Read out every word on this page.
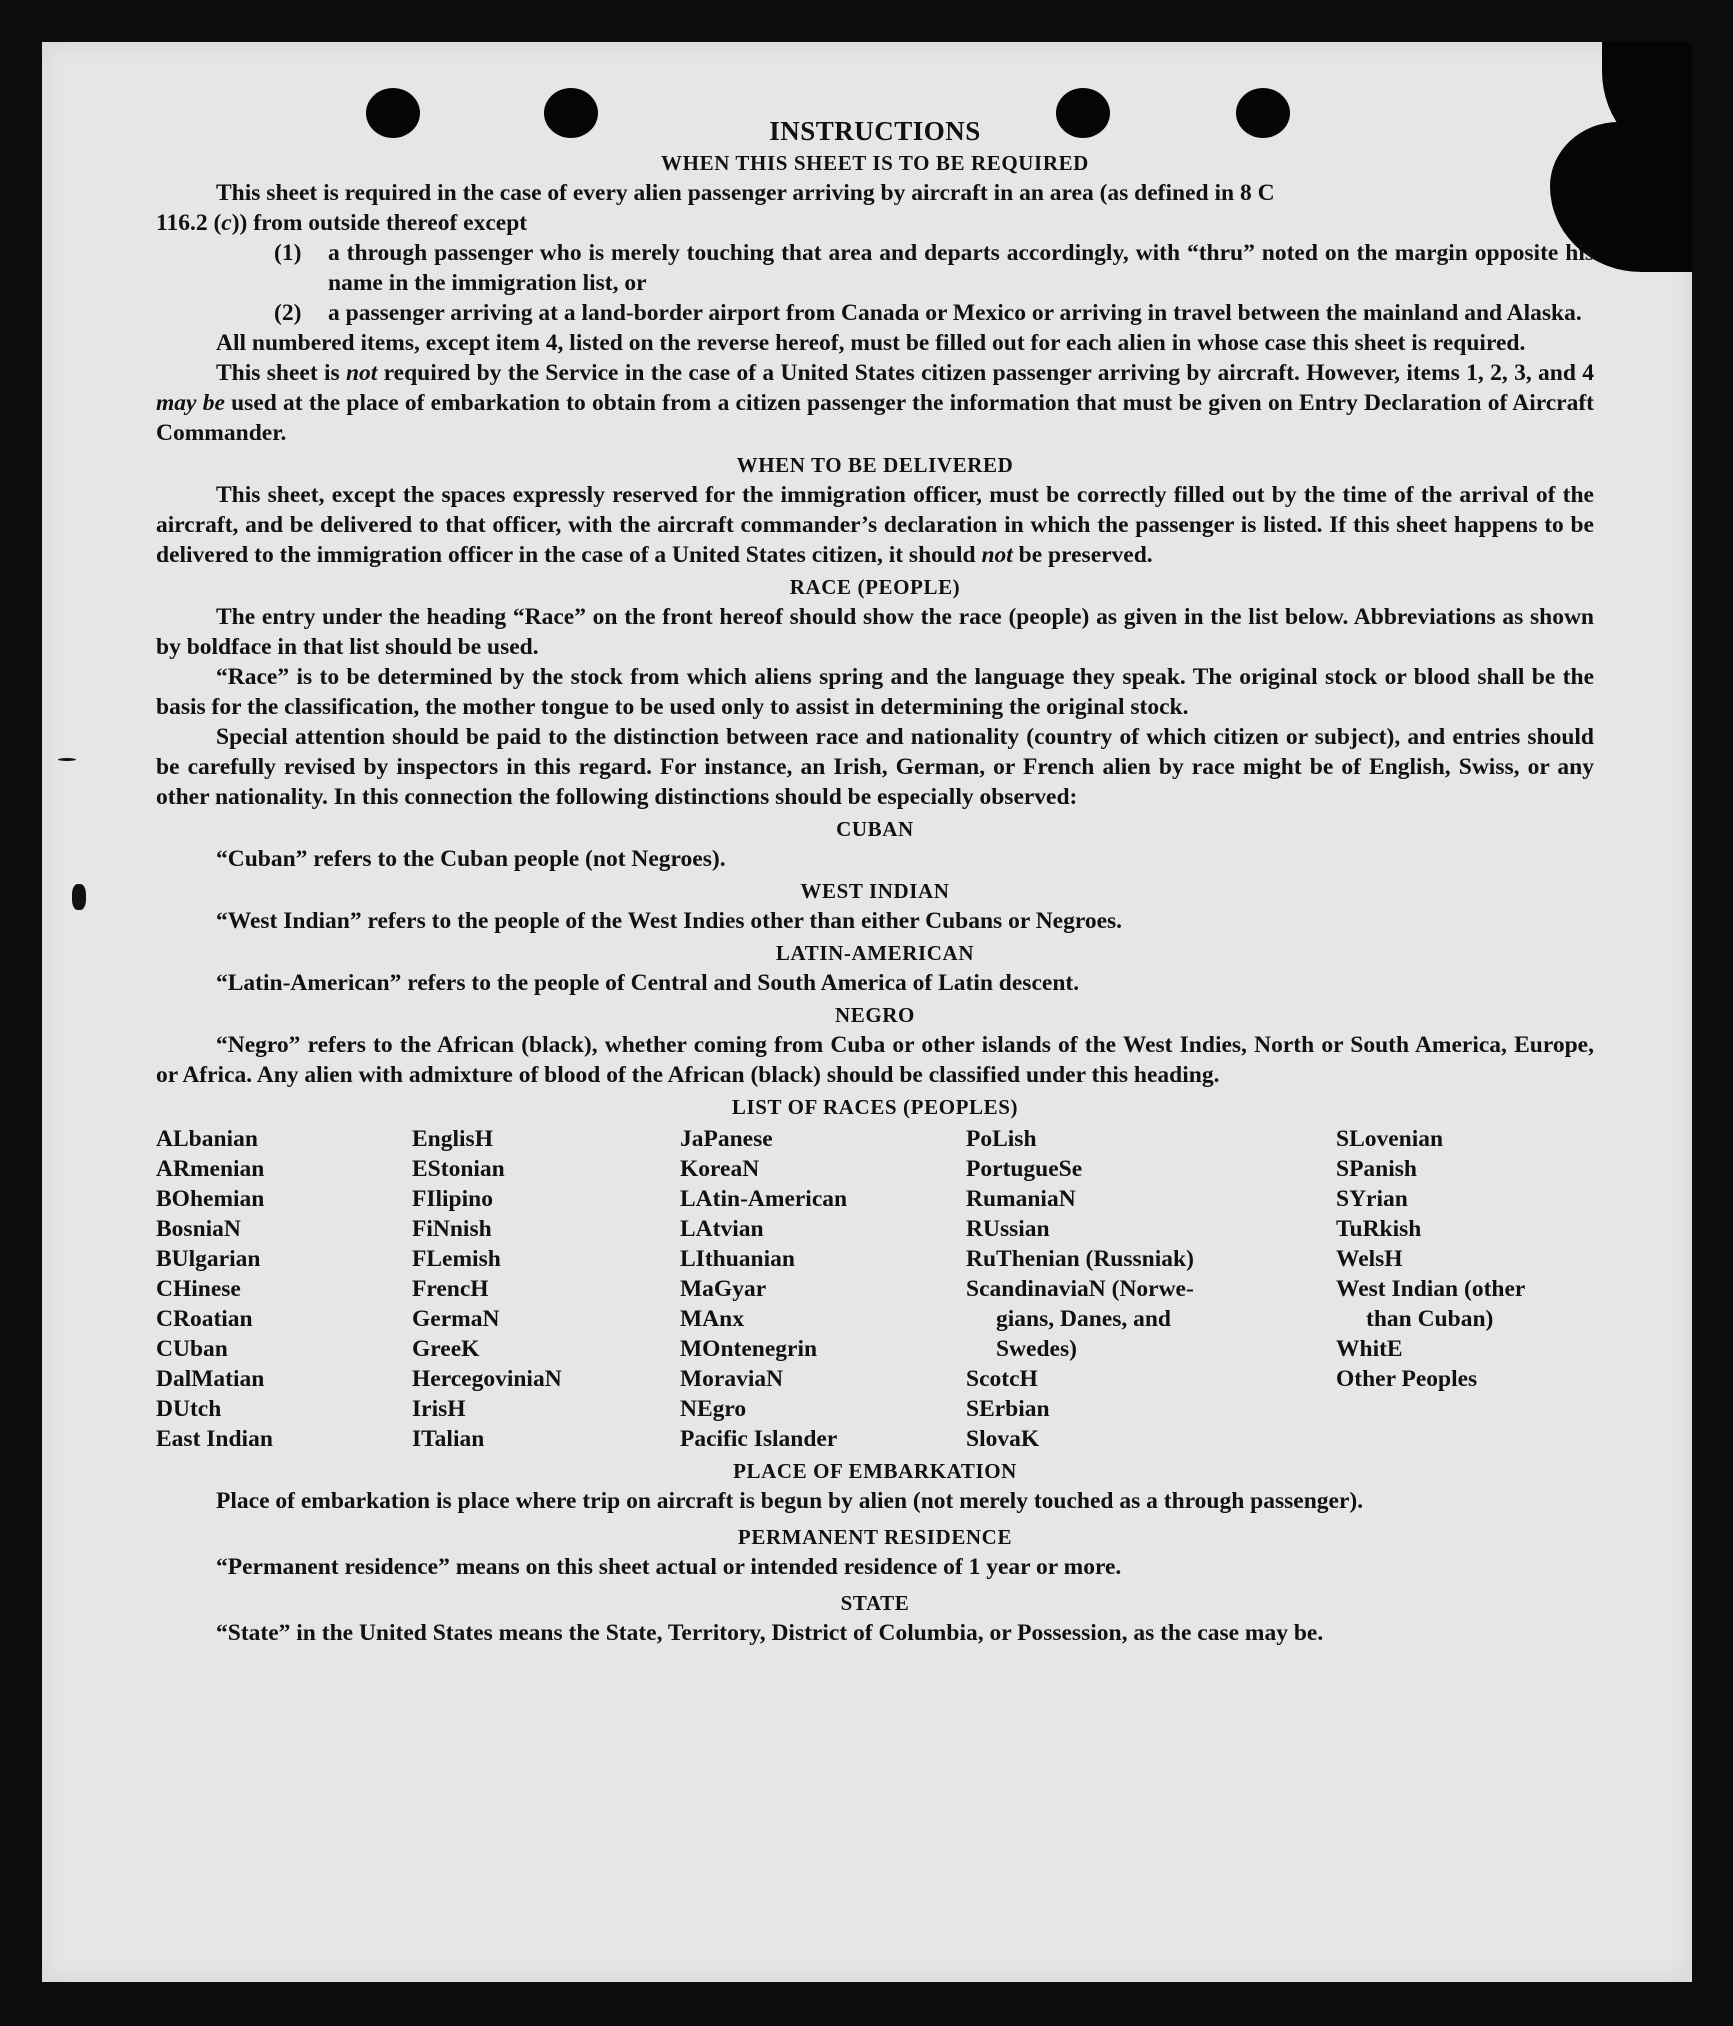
INSTRUCTIONS
WHEN THIS SHEET IS TO BE REQUIRED

This sheet is required in the case of every alien passenger arriving by aircraft in an area (as defined in 8 C

116.2 (c)) from outside thereof except

(1)	a through passenger who is merely touching that area and departs accordingly, with “thru” noted on the margin opposite his name in the immigration list, or
(2)	a passenger arriving at a land-border airport from Canada or Mexico or arriving in travel between the mainland and Alaska.

All numbered items, except item 4, listed on the reverse hereof, must be filled out for each alien in whose case this sheet is required.

This sheet is not required by the Service in the case of a United States citizen passenger arriving by aircraft. However, items 1, 2, 3, and 4 may be used at the place of embarkation to obtain from a citizen passenger the information that must be given on Entry Declaration of Aircraft Commander.

WHEN TO BE DELIVERED

This sheet, except the spaces expressly reserved for the immigration officer, must be correctly filled out by the time of the arrival of the aircraft, and be delivered to that officer, with the aircraft commander’s declaration in which the passenger is listed. If this sheet happens to be delivered to the immigration officer in the case of a United States citizen, it should not be preserved.

RACE (PEOPLE)

The entry under the heading “Race” on the front hereof should show the race (people) as given in the list below. Abbreviations as shown by boldface in that list should be used.

“Race” is to be determined by the stock from which aliens spring and the language they speak. The original stock or blood shall be the basis for the classification, the mother tongue to be used only to assist in determining the original stock.

Special attention should be paid to the distinction between race and nationality (country of which citizen or subject), and entries should be carefully revised by inspectors in this regard. For instance, an Irish, German, or French alien by race might be of English, Swiss, or any other nationality. In this connection the following distinctions should be especially observed:

CUBAN

“Cuban” refers to the Cuban people (not Negroes).

WEST INDIAN

“West Indian” refers to the people of the West Indies other than either Cubans or Negroes.

LATIN-AMERICAN

“Latin-American” refers to the people of Central and South America of Latin descent.

NEGRO

“Negro” refers to the African (black), whether coming from Cuba or other islands of the West Indies, North or South America, Europe, or Africa. Any alien with admixture of blood of the African (black) should be classified under this heading.

LIST OF RACES (PEOPLES)
ALbanian
ARmenian
BOhemian
BosniaN
BUlgarian
CHinese
CRoatian
CUban
DalMatian
DUtch
East Indian
EnglisH
EStonian
FIlipino
FiNnish
FLemish
FrencH
GermaN
GreeK
HercegoviniaN
IrisH
ITalian
JaPanese
KoreaN
LAtin-American
LAtvian
LIthuanian
MaGyar
MAnx
MOntenegrin
MoraviaN
NEgro
Pacific Islander
PoLish
PortugueSe
RumaniaN
RUssian
RuThenian (Russniak)
ScandinaviaN (Norwe-
gians, Danes, and
Swedes)
ScotcH
SErbian
SlovaK
SLovenian
SPanish
SYrian
TuRkish
WelsH
West Indian (other
than Cuban)
WhitE
Other Peoples
PLACE OF EMBARKATION

Place of embarkation is place where trip on aircraft is begun by alien (not merely touched as a through passenger).

PERMANENT RESIDENCE

“Permanent residence” means on this sheet actual or intended residence of 1 year or more.

STATE

“State” in the United States means the State, Territory, District of Columbia, or Possession, as the case may be.
